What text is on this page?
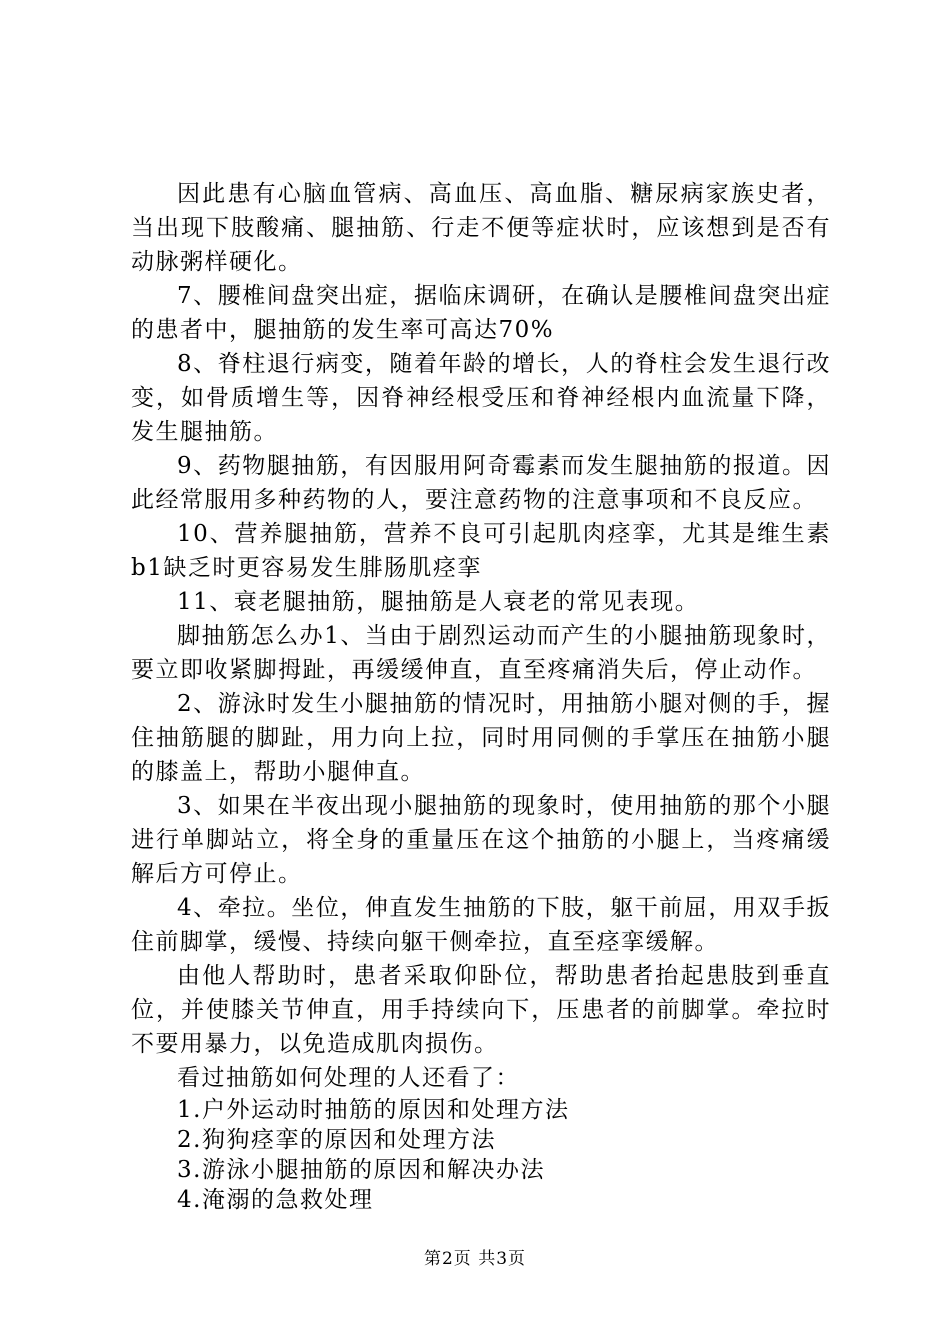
因此患有心脑血管病、高血压、高血脂、糖尿病家族史者，当出现下肢酸痛、腿抽筋、行走不便等症状时，应该想到是否有动脉粥样硬化。

7、腰椎间盘突出症，据临床调研，在确认是腰椎间盘突出症的患者中，腿抽筋的发生率可高达70%

8、脊柱退行病变，随着年龄的增长，人的脊柱会发生退行改变，如骨质增生等，因脊神经根受压和脊神经根内血流量下降，发生腿抽筋。

9、药物腿抽筋，有因服用阿奇霉素而发生腿抽筋的报道。因此经常服用多种药物的人，要注意药物的注意事项和不良反应。

10、营养腿抽筋，营养不良可引起肌肉痉挛，尤其是维生素b1缺乏时更容易发生腓肠肌痉挛

11、衰老腿抽筋，腿抽筋是人衰老的常见表现。

脚抽筋怎么办1、当由于剧烈运动而产生的小腿抽筋现象时，要立即收紧脚拇趾，再缓缓伸直，直至疼痛消失后，停止动作。

2、游泳时发生小腿抽筋的情况时，用抽筋小腿对侧的手，握住抽筋腿的脚趾，用力向上拉，同时用同侧的手掌压在抽筋小腿的膝盖上，帮助小腿伸直。

3、如果在半夜出现小腿抽筋的现象时，使用抽筋的那个小腿进行单脚站立，将全身的重量压在这个抽筋的小腿上，当疼痛缓解后方可停止。

4、牵拉。坐位，伸直发生抽筋的下肢，躯干前屈，用双手扳住前脚掌，缓慢、持续向躯干侧牵拉，直至痉挛缓解。

由他人帮助时，患者采取仰卧位，帮助患者抬起患肢到垂直位，并使膝关节伸直，用手持续向下，压患者的前脚掌。牵拉时不要用暴力，以免造成肌肉损伤。

看过抽筋如何处理的人还看了：

1.户外运动时抽筋的原因和处理方法

2.狗狗痉挛的原因和处理方法

3.游泳小腿抽筋的原因和解决办法

4.淹溺的急救处理

第2页 共3页
